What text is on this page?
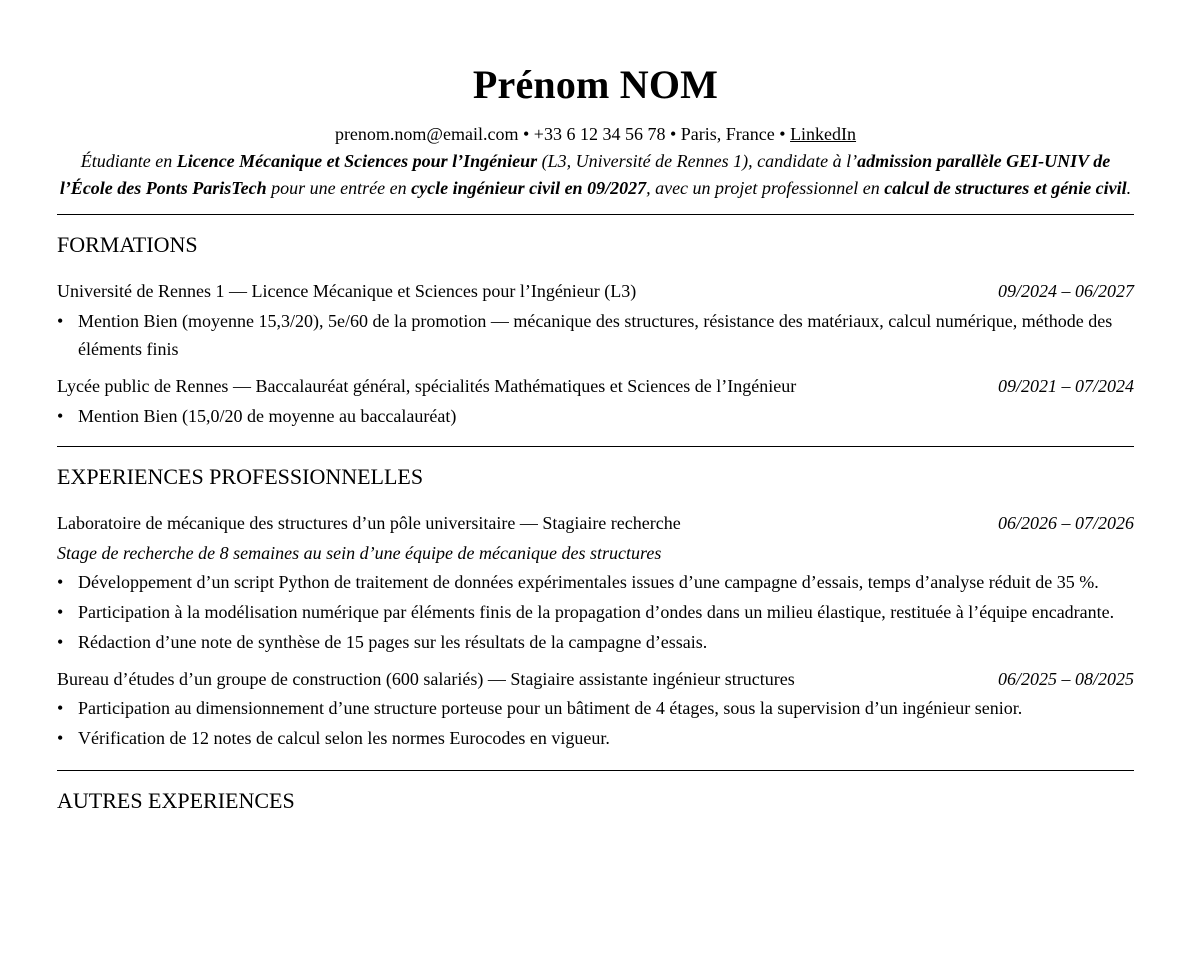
Prénom NOM
prenom.nom@email.com • +33 6 12 34 56 78 • Paris, France • LinkedIn
Étudiante en Licence Mécanique et Sciences pour l’Ingénieur (L3, Université de Rennes 1), candidate à l’admission parallèle GEI-UNIV de l’École des Ponts ParisTech pour une entrée en cycle ingénieur civil en 09/2027, avec un projet professionnel en calcul de structures et génie civil.
FORMATIONS
Université de Rennes 1 — Licence Mécanique et Sciences pour l’Ingénieur (L3)	09/2024 – 06/2027
• Mention Bien (moyenne 15,3/20), 5e/60 de la promotion — mécanique des structures, résistance des matériaux, calcul numérique, méthode des éléments finis
Lycée public de Rennes — Baccalauréat général, spécialités Mathématiques et Sciences de l’Ingénieur	09/2021 – 07/2024
• Mention Bien (15,0/20 de moyenne au baccalauréat)
EXPERIENCES PROFESSIONNELLES
Laboratoire de mécanique des structures d’un pôle universitaire — Stagiaire recherche	06/2026 – 07/2026
Stage de recherche de 8 semaines au sein d’une équipe de mécanique des structures
• Développement d’un script Python de traitement de données expérimentales issues d’une campagne d’essais, temps d’analyse réduit de 35 %.
• Participation à la modélisation numérique par éléments finis de la propagation d’ondes dans un milieu élastique, restituée à l’équipe encadrante.
• Rédaction d’une note de synthèse de 15 pages sur les résultats de la campagne d’essais.
Bureau d’études d’un groupe de construction (600 salariés) — Stagiaire assistante ingénieur structures	06/2025 – 08/2025
• Participation au dimensionnement d’une structure porteuse pour un bâtiment de 4 étages, sous la supervision d’un ingénieur senior.
• Vérification de 12 notes de calcul selon les normes Eurocodes en vigueur.
AUTRES EXPERIENCES
